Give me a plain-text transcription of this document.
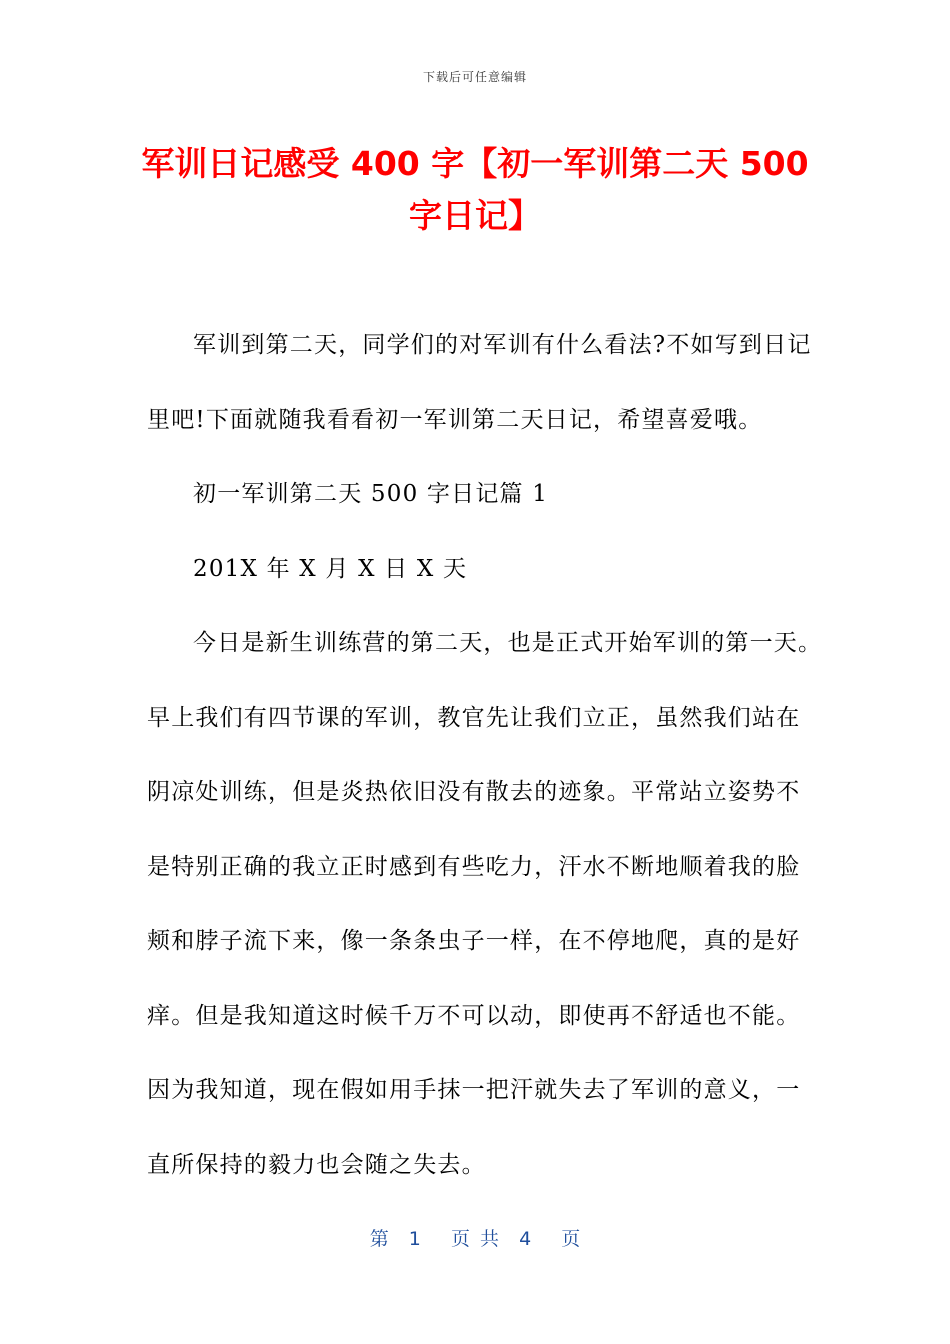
下载后可任意编辑
军训日记感受 400 字【初一军训第二天 500
字日记】
军训到第二天，同学们的对军训有什么看法?不如写到日记
里吧!下面就随我看看初一军训第二天日记，希望喜爱哦。
初一军训第二天 500 字日记篇 1
201X 年 X 月 X 日 X 天
今日是新生训练营的第二天，也是正式开始军训的第一天。
早上我们有四节课的军训，教官先让我们立正，虽然我们站在
阴凉处训练，但是炎热依旧没有散去的迹象。平常站立姿势不
是特别正确的我立正时感到有些吃力，汗水不断地顺着我的脸
颊和脖子流下来，像一条条虫子一样，在不停地爬，真的是好
痒。但是我知道这时候千万不可以动，即使再不舒适也不能。
因为我知道，现在假如用手抹一把汗就失去了军训的意义，一
直所保持的毅力也会随之失去。
第  1   页 共  4   页
